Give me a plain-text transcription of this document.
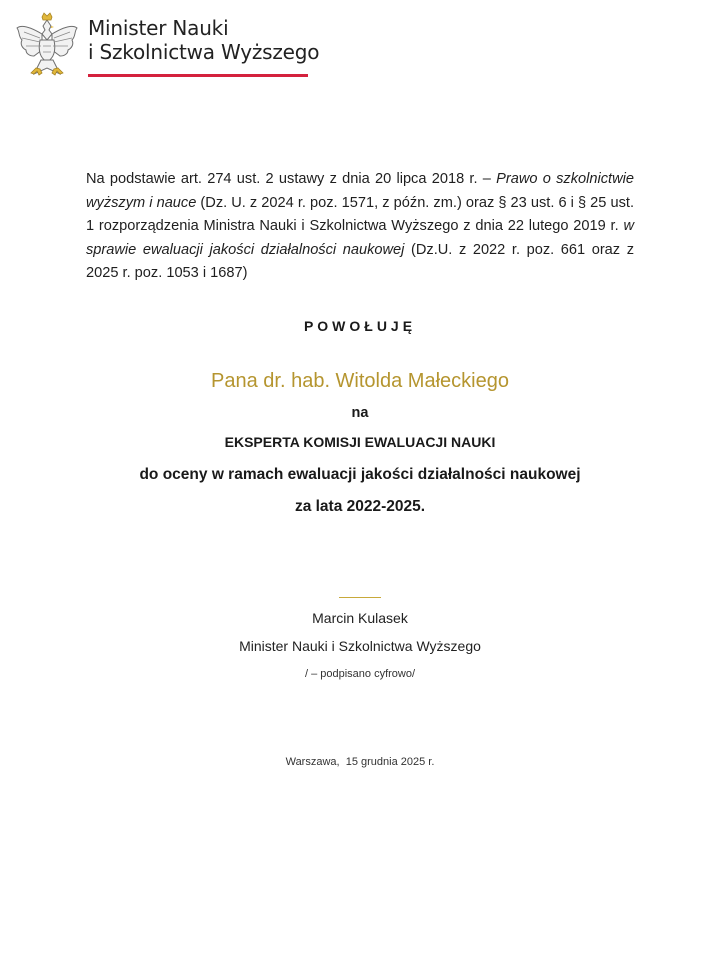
Minister Nauki
i Szkolnictwa Wyższego
Na podstawie art. 274 ust. 2 ustawy z dnia 20 lipca 2018 r. – Prawo o szkolnictwie wyższym i nauce (Dz. U. z 2024 r. poz. 1571, z późn. zm.) oraz § 23 ust. 6 i § 25 ust. 1 rozporządzenia Ministra Nauki i Szkolnictwa Wyższego z dnia 22 lutego 2019 r. w sprawie ewaluacji jakości działalności naukowej (Dz.U. z 2022 r. poz. 661 oraz z 2025 r. poz. 1053 i 1687)
POWOŁUJĘ
Pana dr. hab. Witolda Małeckiego
na
EKSPERTA KOMISJI EWALUACJI NAUKI
do oceny w ramach ewaluacji jakości działalności naukowej
za lata 2022-2025.
Marcin Kulasek
Minister Nauki i Szkolnictwa Wyższego
/ – podpisano cyfrowo/
Warszawa,  15 grudnia 2025 r.
